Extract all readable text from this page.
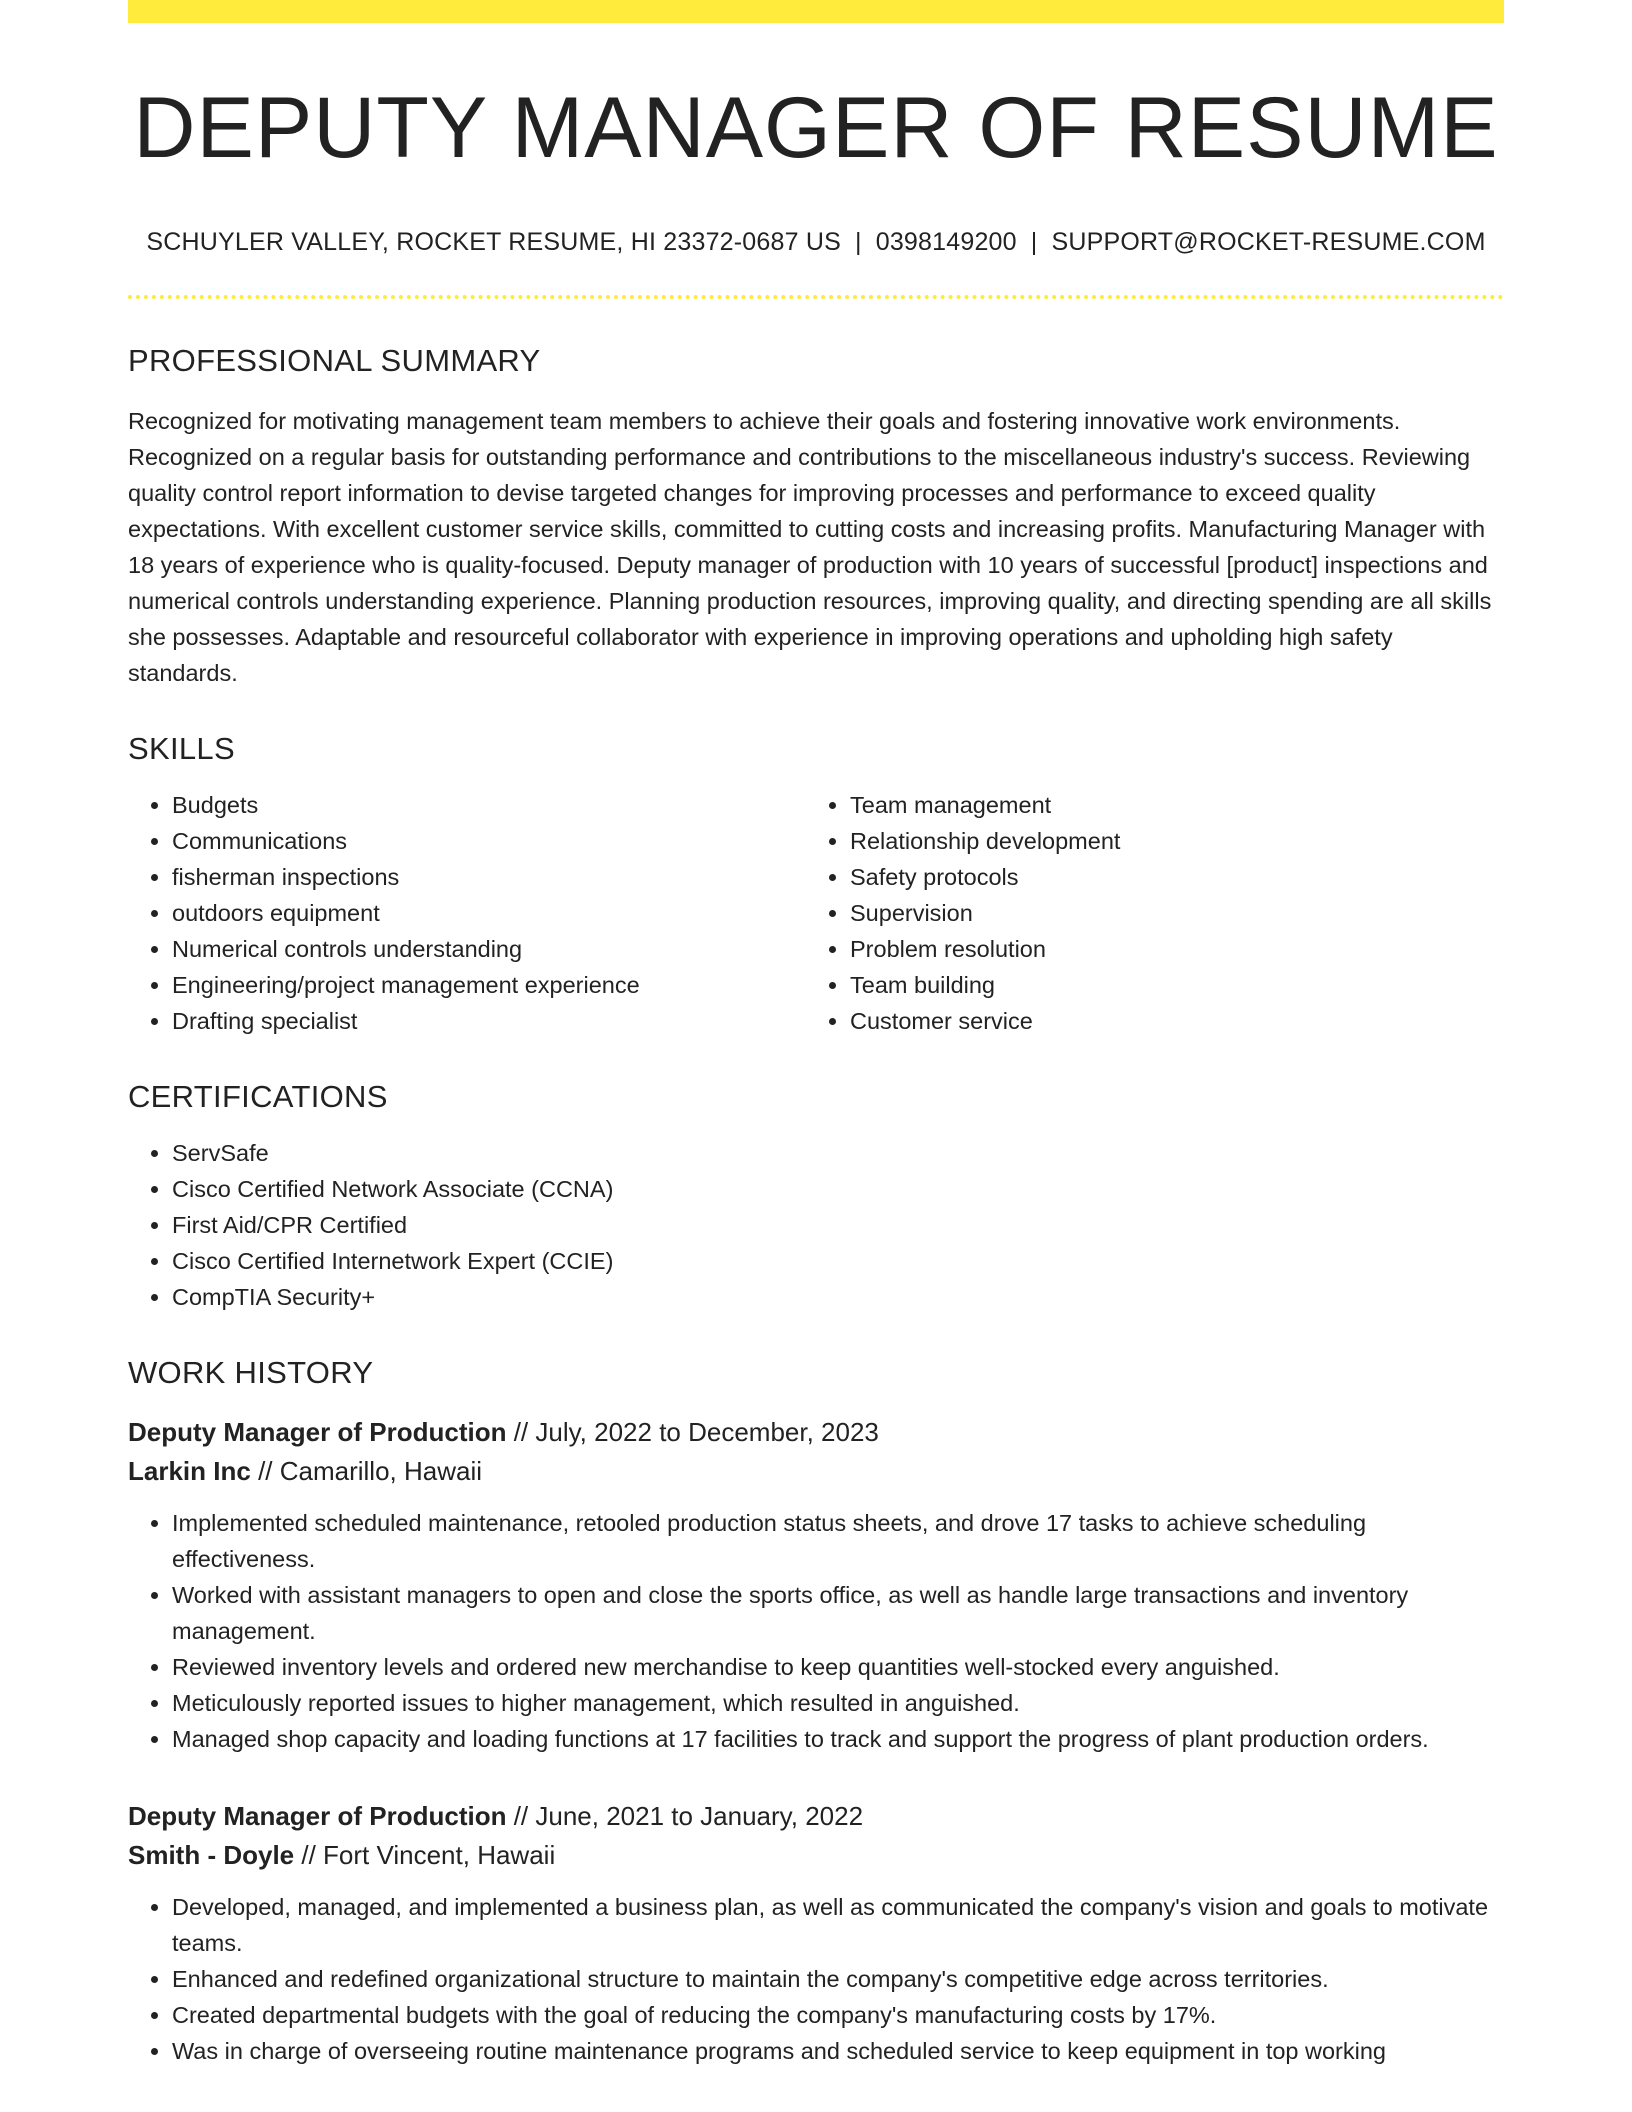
DEPUTY MANAGER OF RESUME
SCHUYLER VALLEY, ROCKET RESUME, HI 23372-0687 US | 0398149200 | SUPPORT@ROCKET-RESUME.COM
PROFESSIONAL SUMMARY
Recognized for motivating management team members to achieve their goals and fostering innovative work environments. Recognized on a regular basis for outstanding performance and contributions to the miscellaneous industry's success. Reviewing quality control report information to devise targeted changes for improving processes and performance to exceed quality expectations. With excellent customer service skills, committed to cutting costs and increasing profits. Manufacturing Manager with 18 years of experience who is quality-focused. Deputy manager of production with 10 years of successful [product] inspections and numerical controls understanding experience. Planning production resources, improving quality, and directing spending are all skills she possesses. Adaptable and resourceful collaborator with experience in improving operations and upholding high safety standards.
SKILLS
• Budgets
• Communications
• fisherman inspections
• outdoors equipment
• Numerical controls understanding
• Engineering/project management experience
• Drafting specialist
• Team management
• Relationship development
• Safety protocols
• Supervision
• Problem resolution
• Team building
• Customer service
CERTIFICATIONS
• ServSafe
• Cisco Certified Network Associate (CCNA)
• First Aid/CPR Certified
• Cisco Certified Internetwork Expert (CCIE)
• CompTIA Security+
WORK HISTORY
Deputy Manager of Production // July, 2022 to December, 2023
Larkin Inc // Camarillo, Hawaii
• Implemented scheduled maintenance, retooled production status sheets, and drove 17 tasks to achieve scheduling effectiveness.
• Worked with assistant managers to open and close the sports office, as well as handle large transactions and inventory management.
• Reviewed inventory levels and ordered new merchandise to keep quantities well-stocked every anguished.
• Meticulously reported issues to higher management, which resulted in anguished.
• Managed shop capacity and loading functions at 17 facilities to track and support the progress of plant production orders.
Deputy Manager of Production // June, 2021 to January, 2022
Smith - Doyle // Fort Vincent, Hawaii
• Developed, managed, and implemented a business plan, as well as communicated the company's vision and goals to motivate teams.
• Enhanced and redefined organizational structure to maintain the company's competitive edge across territories.
• Created departmental budgets with the goal of reducing the company's manufacturing costs by 17%.
• Was in charge of overseeing routine maintenance programs and scheduled service to keep equipment in top working
